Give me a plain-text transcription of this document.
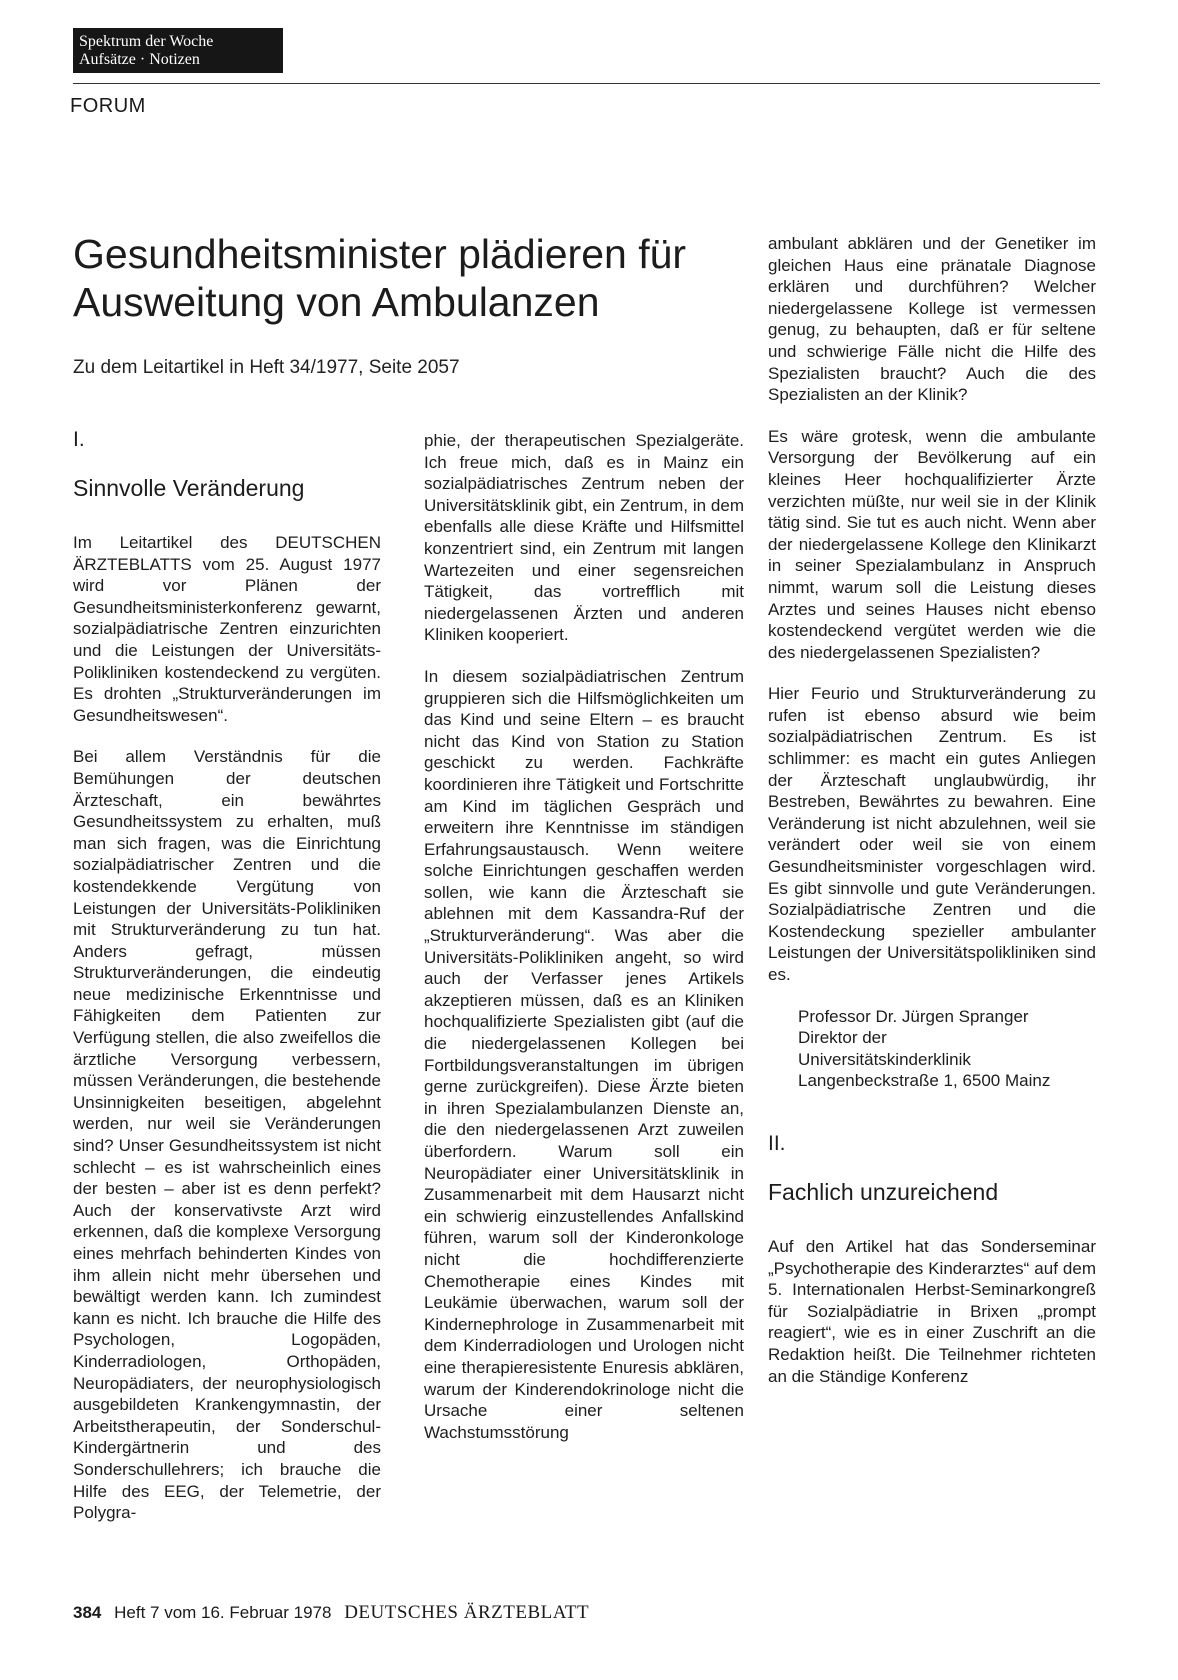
Spektrum der Woche
Aufsätze · Notizen
FORUM
Gesundheitsminister plädieren für Ausweitung von Ambulanzen
Zu dem Leitartikel in Heft 34/1977, Seite 2057
I.
Sinnvolle Veränderung

Im Leitartikel des DEUTSCHEN ÄRZTEBLATTS vom 25. August 1977 wird vor Plänen der Gesundheitsministerkonferenz gewarnt, sozialpädiatrische Zentren einzurichten und die Leistungen der Universitäts-Polikliniken kostendeckend zu vergüten. Es drohten „Strukturveränderungen im Gesundheitswesen“.

Bei allem Verständnis für die Bemühungen der deutschen Ärzteschaft, ein bewährtes Gesundheitssystem zu erhalten, muß man sich fragen, was die Einrichtung sozialpädiatrischer Zentren und die kostendekkende Vergütung von Leistungen der Universitäts-Polikliniken mit Strukturveränderung zu tun hat. Anders gefragt, müssen Strukturveränderungen, die eindeutig neue medizinische Erkenntnisse und Fähigkeiten dem Patienten zur Verfügung stellen, die also zweifellos die ärztliche Versorgung verbessern, müssen Veränderungen, die bestehende Unsinnigkeiten beseitigen, abgelehnt werden, nur weil sie Veränderungen sind? Unser Gesundheitssystem ist nicht schlecht – es ist wahrscheinlich eines der besten – aber ist es denn perfekt? Auch der konservativste Arzt wird erkennen, daß die komplexe Versorgung eines mehrfach behinderten Kindes von ihm allein nicht mehr übersehen und bewältigt werden kann. Ich zumindest kann es nicht. Ich brauche die Hilfe des Psychologen, Logopäden, Kinderradiologen, Orthopäden, Neuropädiaters, der neurophysiologisch ausgebildeten Krankengymnastin, der Arbeitstherapeutin, der Sonderschul-Kindergärtnerin und des Sonderschullehrers; ich brauche die Hilfe des EEG, der Telemetrie, der Polygra-

phie, der therapeutischen Spezialgeräte. Ich freue mich, daß es in Mainz ein sozialpädiatrisches Zentrum neben der Universitätsklinik gibt, ein Zentrum, in dem ebenfalls alle diese Kräfte und Hilfsmittel konzentriert sind, ein Zentrum mit langen Wartezeiten und einer segensreichen Tätigkeit, das vortrefflich mit niedergelassenen Ärzten und anderen Kliniken kooperiert.

In diesem sozialpädiatrischen Zentrum gruppieren sich die Hilfsmöglichkeiten um das Kind und seine Eltern – es braucht nicht das Kind von Station zu Station geschickt zu werden. Fachkräfte koordinieren ihre Tätigkeit und Fortschritte am Kind im täglichen Gespräch und erweitern ihre Kenntnisse im ständigen Erfahrungsaustausch. Wenn weitere solche Einrichtungen geschaffen werden sollen, wie kann die Ärzteschaft sie ablehnen mit dem Kassandra-Ruf der „Strukturveränderung“. Was aber die Universitäts-Polikliniken angeht, so wird auch der Verfasser jenes Artikels akzeptieren müssen, daß es an Kliniken hochqualifizierte Spezialisten gibt (auf die die niedergelassenen Kollegen bei Fortbildungsveranstaltungen im übrigen gerne zurückgreifen). Diese Ärzte bieten in ihren Spezialambulanzen Dienste an, die den niedergelassenen Arzt zuweilen überfordern. Warum soll ein Neuropädiater einer Universitätsklinik in Zusammenarbeit mit dem Hausarzt nicht ein schwierig einzustellendes Anfallskind führen, warum soll der Kinderonkologe nicht die hochdifferenzierte Chemotherapie eines Kindes mit Leukämie überwachen, warum soll der Kindernephrologe in Zusammenarbeit mit dem Kinderradiologen und Urologen nicht eine therapieresistente Enuresis abklären, warum der Kinderendokrinologe nicht die Ursache einer seltenen Wachstumsstörung

ambulant abklären und der Genetiker im gleichen Haus eine pränatale Diagnose erklären und durchführen? Welcher niedergelassene Kollege ist vermessen genug, zu behaupten, daß er für seltene und schwierige Fälle nicht die Hilfe des Spezialisten braucht? Auch die des Spezialisten an der Klinik?

Es wäre grotesk, wenn die ambulante Versorgung der Bevölkerung auf ein kleines Heer hochqualifizierter Ärzte verzichten müßte, nur weil sie in der Klinik tätig sind. Sie tut es auch nicht. Wenn aber der niedergelassene Kollege den Klinikarzt in seiner Spezialambulanz in Anspruch nimmt, warum soll die Leistung dieses Arztes und seines Hauses nicht ebenso kostendeckend vergütet werden wie die des niedergelassenen Spezialisten?

Hier Feurio und Strukturveränderung zu rufen ist ebenso absurd wie beim sozialpädiatrischen Zentrum. Es ist schlimmer: es macht ein gutes Anliegen der Ärzteschaft unglaubwürdig, ihr Bestreben, Bewährtes zu bewahren. Eine Veränderung ist nicht abzulehnen, weil sie verändert oder weil sie von einem Gesundheitsminister vorgeschlagen wird. Es gibt sinnvolle und gute Veränderungen. Sozialpädiatrische Zentren und die Kostendeckung spezieller ambulanter Leistungen der Universitätspolikliniken sind es.

Professor Dr. Jürgen Spranger
Direktor der
Universitätskinderklinik
Langenbeckstraße 1, 6500 Mainz
II.
Fachlich unzureichend

Auf den Artikel hat das Sonderseminar „Psychotherapie des Kinderarztes“ auf dem 5. Internationalen Herbst-Seminarkongreß für Sozialpädiatrie in Brixen „prompt reagiert“, wie es in einer Zuschrift an die Redaktion heißt. Die Teilnehmer richteten an die Ständige Konferenz

384 Heft 7 vom 16. Februar 1978 DEUTSCHES ÄRZTEBLATT
